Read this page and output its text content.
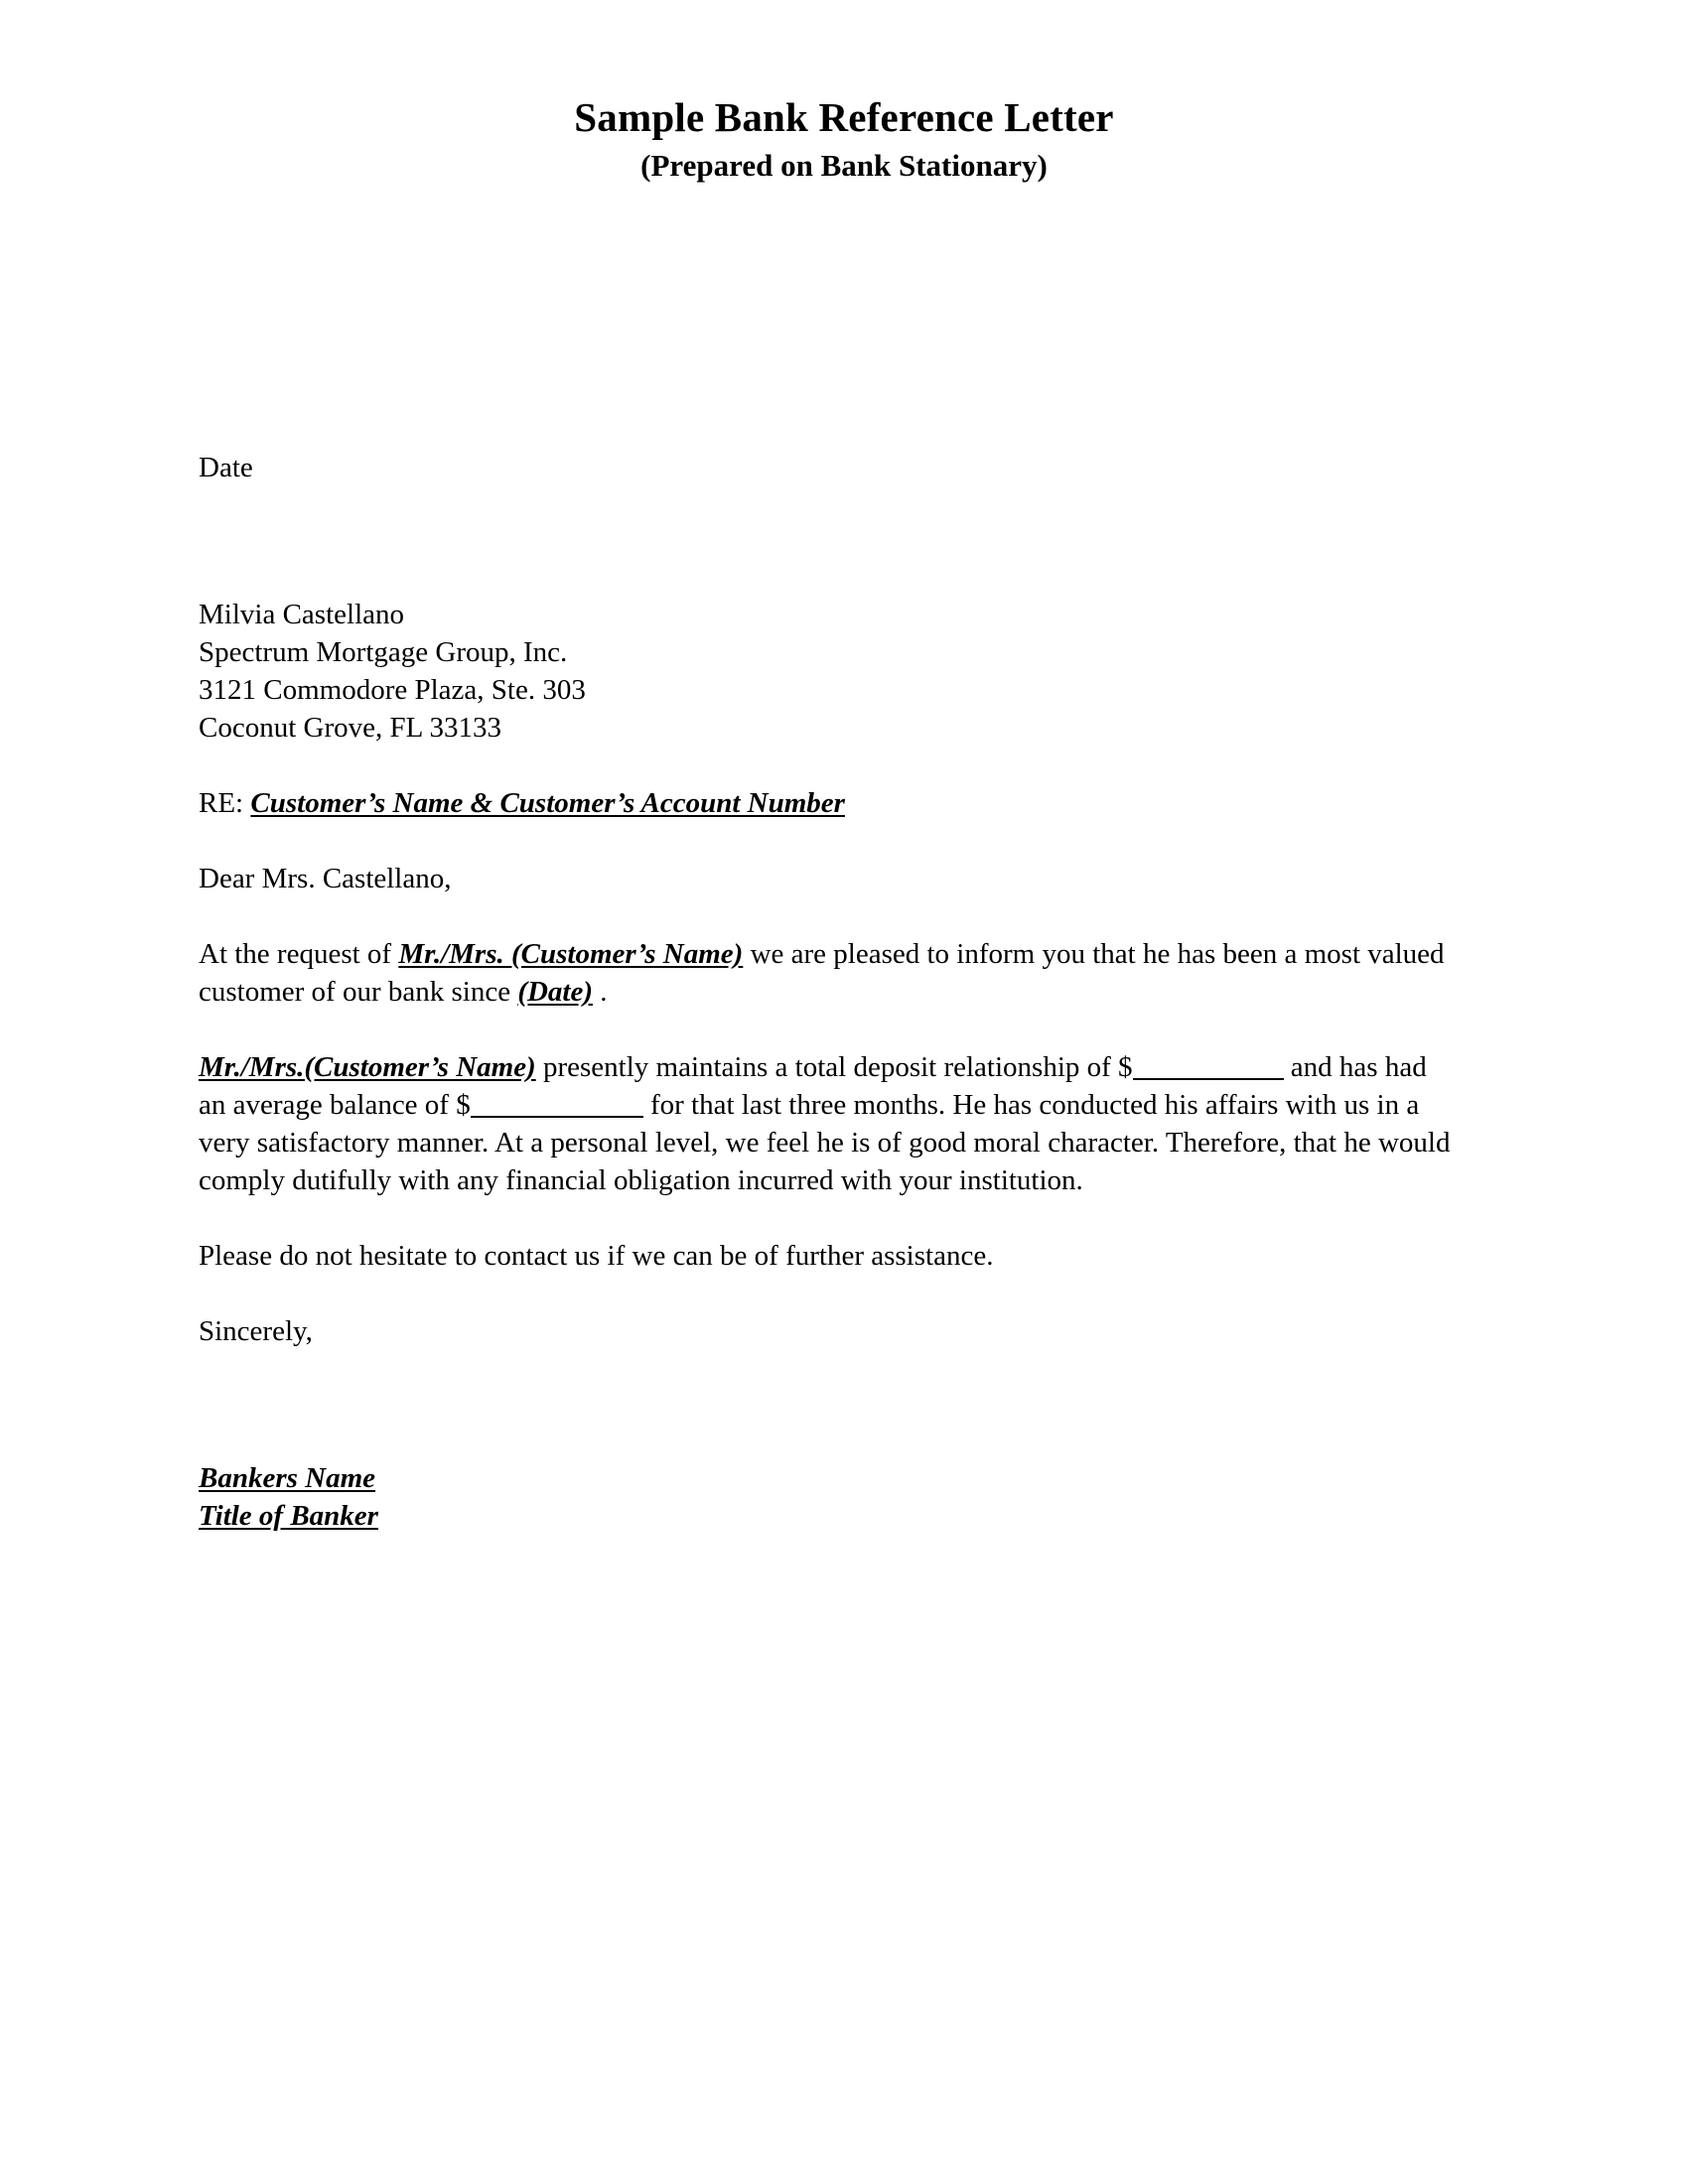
Sample Bank Reference Letter
(Prepared on Bank Stationary)
Date
Milvia Castellano
Spectrum Mortgage Group, Inc.
3121 Commodore Plaza, Ste. 303
Coconut Grove, FL 33133
RE: Customer’s Name & Customer’s Account Number
Dear Mrs. Castellano,
At the request of Mr./Mrs. (Customer’s Name) we are pleased to inform you that he has been a most valued customer of our bank since (Date) .
Mr./Mrs.(Customer’s Name) presently maintains a total deposit relationship of $	and has had an average balance of $	for that last three months. He has conducted his affairs with us in a very satisfactory manner. At a personal level, we feel he is of good moral character. Therefore, that he would comply dutifully with any financial obligation incurred with your institution.
Please do not hesitate to contact us if we can be of further assistance.
Sincerely,
Bankers Name
Title of Banker
